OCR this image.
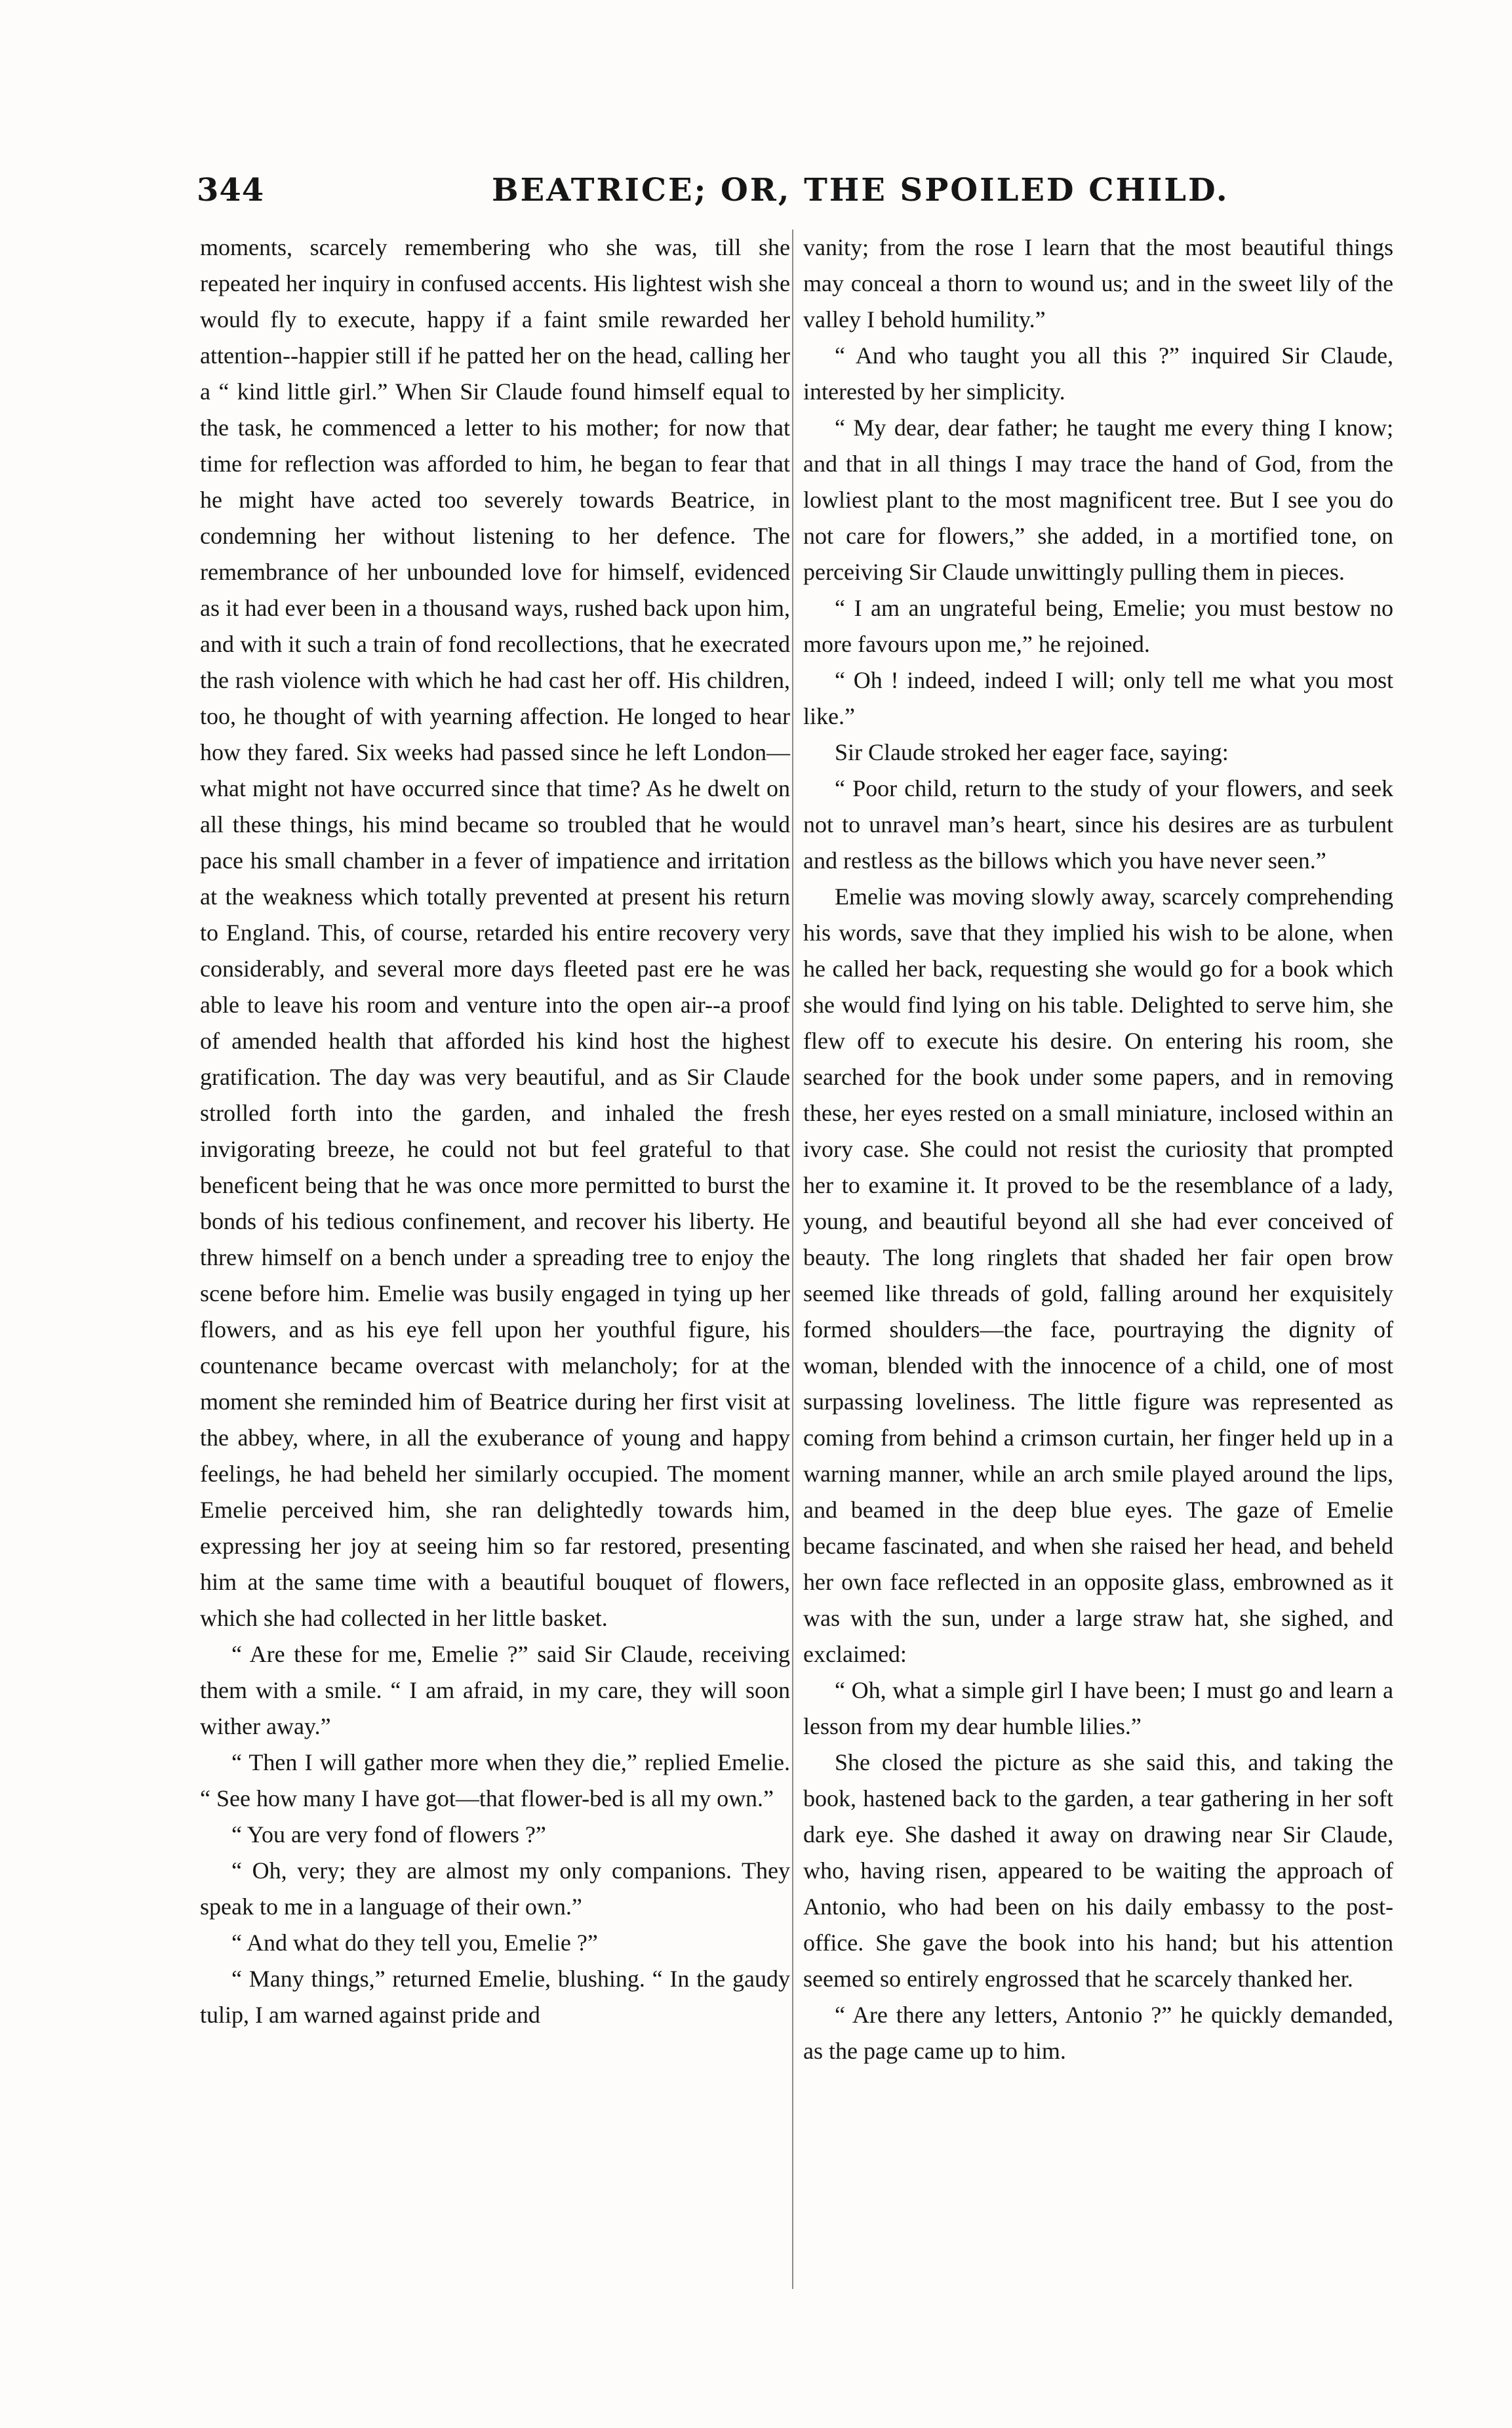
344	BEATRICE; OR, THE SPOILED CHILD.

moments, scarcely remembering who she was, till she repeated her inquiry in confused accents. His lightest wish she would fly to execute, happy if a faint smile rewarded her attention--happier still if he patted her on the head, calling her a “ kind little girl.” When Sir Claude found himself equal to the task, he commenced a letter to his mother; for now that time for reflection was afforded to him, he began to fear that he might have acted too severely towards Beatrice, in condemning her without listening to her defence. The remembrance of her unbounded love for himself, evidenced as it had ever been in a thousand ways, rushed back upon him, and with it such a train of fond recollections, that he execrated the rash violence with which he had cast her off. His children, too, he thought of with yearning affection. He longed to hear how they fared. Six weeks had passed since he left London—what might not have occurred since that time? As he dwelt on all these things, his mind became so troubled that he would pace his small chamber in a fever of impatience and irritation at the weakness which totally prevented at present his return to England. This, of course, retarded his entire recovery very considerably, and several more days fleeted past ere he was able to leave his room and venture into the open air--a proof of amended health that afforded his kind host the highest gratification. The day was very beautiful, and as Sir Claude strolled forth into the garden, and inhaled the fresh invigorating breeze, he could not but feel grateful to that beneficent being that he was once more permitted to burst the bonds of his tedious confinement, and recover his liberty. He threw himself on a bench under a spreading tree to enjoy the scene before him. Emelie was busily engaged in tying up her flowers, and as his eye fell upon her youthful figure, his countenance became overcast with melancholy; for at the moment she reminded him of Beatrice during her first visit at the abbey, where, in all the exuberance of young and happy feelings, he had beheld her similarly occupied. The moment Emelie perceived him, she ran delightedly towards him, expressing her joy at seeing him so far restored, presenting him at the same time with a beautiful bouquet of flowers, which she had collected in her little basket.

“ Are these for me, Emelie ?” said Sir Claude, receiving them with a smile. “ I am afraid, in my care, they will soon wither away.”

“ Then I will gather more when they die,” replied Emelie. “ See how many I have got—that flower-bed is all my own.”

“ You are very fond of flowers ?”

“ Oh, very; they are almost my only companions. They speak to me in a language of their own.”

“ And what do they tell you, Emelie ?”

“ Many things,” returned Emelie, blushing. “ In the gaudy tulip, I am warned against pride and

vanity; from the rose I learn that the most beautiful things may conceal a thorn to wound us; and in the sweet lily of the valley I behold humility.”

“ And who taught you all this ?” inquired Sir Claude, interested by her simplicity.

“ My dear, dear father; he taught me every thing I know; and that in all things I may trace the hand of God, from the lowliest plant to the most magnificent tree. But I see you do not care for flowers,” she added, in a mortified tone, on perceiving Sir Claude unwittingly pulling them in pieces.

“ I am an ungrateful being, Emelie; you must bestow no more favours upon me,” he rejoined.

“ Oh ! indeed, indeed I will; only tell me what you most like.”

Sir Claude stroked her eager face, saying:

“ Poor child, return to the study of your flowers, and seek not to unravel man’s heart, since his desires are as turbulent and restless as the billows which you have never seen.”

Emelie was moving slowly away, scarcely comprehending his words, save that they implied his wish to be alone, when he called her back, requesting she would go for a book which she would find lying on his table. Delighted to serve him, she flew off to execute his desire. On entering his room, she searched for the book under some papers, and in removing these, her eyes rested on a small miniature, inclosed within an ivory case. She could not resist the curiosity that prompted her to examine it. It proved to be the resemblance of a lady, young, and beautiful beyond all she had ever conceived of beauty. The long ringlets that shaded her fair open brow seemed like threads of gold, falling around her exquisitely formed shoulders—the face, pourtraying the dignity of woman, blended with the innocence of a child, one of most surpassing loveliness. The little figure was represented as coming from behind a crimson curtain, her finger held up in a warning manner, while an arch smile played around the lips, and beamed in the deep blue eyes. The gaze of Emelie became fascinated, and when she raised her head, and beheld her own face reflected in an opposite glass, embrowned as it was with the sun, under a large straw hat, she sighed, and exclaimed:

“ Oh, what a simple girl I have been; I must go and learn a lesson from my dear humble lilies.”

She closed the picture as she said this, and taking the book, hastened back to the garden, a tear gathering in her soft dark eye. She dashed it away on drawing near Sir Claude, who, having risen, appeared to be waiting the approach of Antonio, who had been on his daily embassy to the post-office. She gave the book into his hand; but his attention seemed so entirely engrossed that he scarcely thanked her.

“ Are there any letters, Antonio ?” he quickly demanded, as the page came up to him.
